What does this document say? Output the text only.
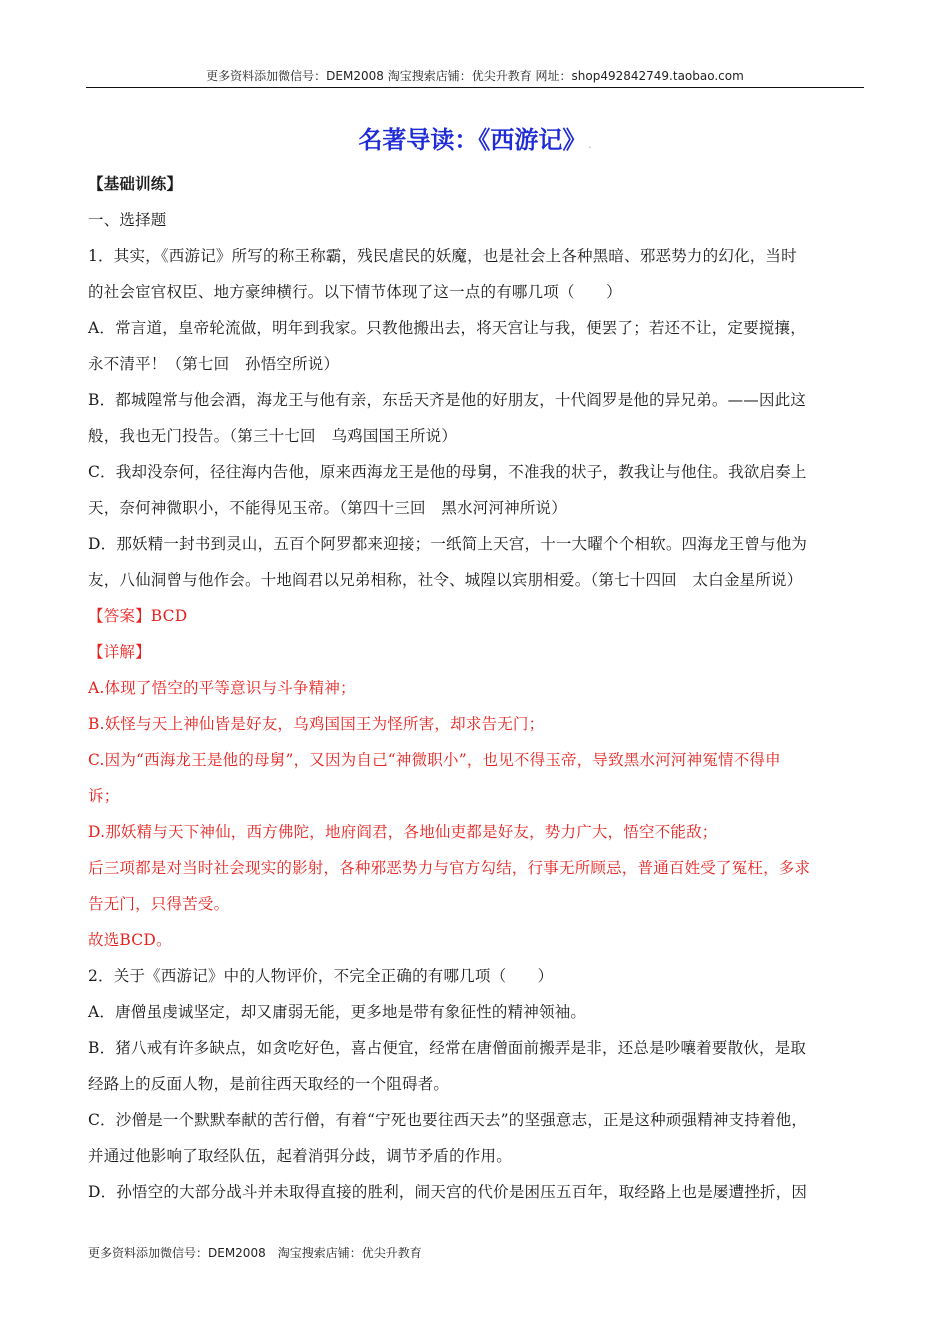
更多资料添加微信号：DEM2008 淘宝搜索店铺：优尖升教育 网址：shop492842749.taobao.com
名著导读：《西游记》 .

【基础训练】

一、选择题

1．其实，《西游记》所写的称王称霸，残民虐民的妖魔，也是社会上各种黑暗、邪恶势力的幻化，当时

的社会宦官权臣、地方豪绅横行。以下情节体现了这一点的有哪几项（　　）

A．常言道，皇帝轮流做，明年到我家。只教他搬出去，将天宫让与我，便罢了；若还不让，定要搅攘，

永不清平！（第七回　孙悟空所说）

B．都城隍常与他会酒，海龙王与他有亲，东岳天齐是他的好朋友，十代阎罗是他的异兄弟。——因此这

般，我也无门投告。（第三十七回　乌鸡国国王所说）

C．我却没奈何，径往海内告他，原来西海龙王是他的母舅，不准我的状子，教我让与他住。我欲启奏上

天，奈何神微职小，不能得见玉帝。（第四十三回　黑水河河神所说）

D．那妖精一封书到灵山，五百个阿罗都来迎接；一纸简上天宫，十一大曜个个相软。四海龙王曾与他为

友，八仙洞曾与他作会。十地阎君以兄弟相称，社令、城隍以宾朋相爱。（第七十四回　太白金星所说）

【答案】BCD

【详解】

A.体现了悟空的平等意识与斗争精神；

B.妖怪与天上神仙皆是好友，乌鸡国国王为怪所害，却求告无门；

C.因为“西海龙王是他的母舅”，又因为自己“神微职小”，也见不得玉帝，导致黑水河河神冤情不得申

诉；

D.那妖精与天下神仙，西方佛陀，地府阎君，各地仙吏都是好友，势力广大，悟空不能敌；

后三项都是对当时社会现实的影射，各种邪恶势力与官方勾结，行事无所顾忌，普通百姓受了冤枉，多求

告无门，只得苦受。

故选BCD。

2．关于《西游记》中的人物评价，不完全正确的有哪几项（　　）

A．唐僧虽虔诚坚定，却又庸弱无能，更多地是带有象征性的精神领袖。

B．猪八戒有许多缺点，如贪吃好色，喜占便宜，经常在唐僧面前搬弄是非，还总是吵嚷着要散伙，是取

经路上的反面人物，是前往西天取经的一个阻碍者。

C．沙僧是一个默默奉献的苦行僧，有着“宁死也要往西天去”的坚强意志，正是这种顽强精神支持着他，

并通过他影响了取经队伍，起着消弭分歧，调节矛盾的作用。

D．孙悟空的大部分战斗并未取得直接的胜利，闹天宫的代价是困压五百年，取经路上也是屡遭挫折，因

更多资料添加微信号：DEM2008　淘宝搜索店铺：优尖升教育
